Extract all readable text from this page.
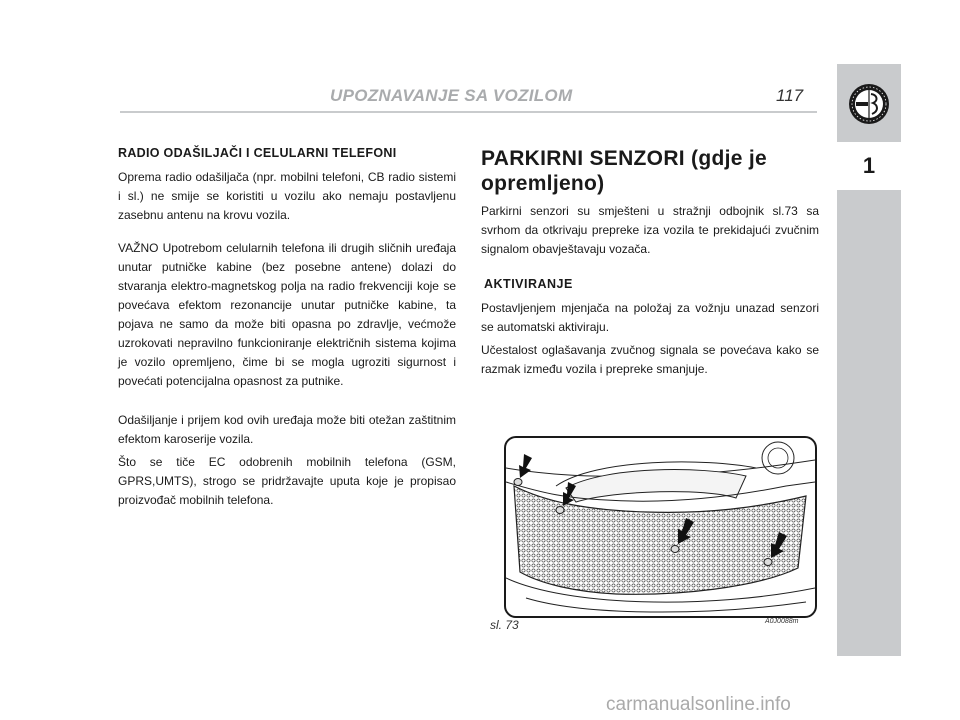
1
UPOZNAVANJE SA VOZILOM	117
RADIO ODAŠILJAČI I CELULARNI TELEFONI

Oprema radio odašiljača (npr. mobilni telefoni, CB radio sistemi i sl.) ne smije se koristiti u vozilu ako nemaju postavljenu zasebnu antenu na krovu vozila.

VAŽNO Upotrebom celularnih telefona ili drugih sličnih uređaja unutar putničke kabine (bez posebne antene) dolazi do stvaranja elektro-magnetskog polja na radio frekvenciji koje se povećava efektom rezonancije unutar putničke kabine, ta pojava ne samo da može biti opasna po zdravlje, većmože uzrokovati nepravilno funkcioniranje električnih sistema kojima je vozilo opremljeno, čime bi se mogla ugroziti sigurnost i povećati potencijalna opasnost za putnike.

Odašiljanje i prijem kod ovih uređaja može biti otežan zaštitnim efektom karoserije vozila.

Što se tiče EC odobrenih mobilnih telefona (GSM, GPRS,UMTS), strogo se pridržavajte uputa koje je propisao proizvođač mobilnih telefona.

PARKIRNI SENZORI (gdje je opremljeno)

Parkirni senzori su smješteni u stražnji odbojnik sl.73 sa svrhom da otkrivaju prepreke iza vozila te prekidajući zvučnim signalom obavještavaju vozača.

AKTIVIRANJE

Postavljenjem mjenjača na položaj za vožnju unazad senzori se automatski aktiviraju.

Učestalost oglašavanja zvučnog signala se povećava kako se razmak između vozila i prepreke smanjuje.

sl. 73	A0J0088m
carmanualsonline.info
